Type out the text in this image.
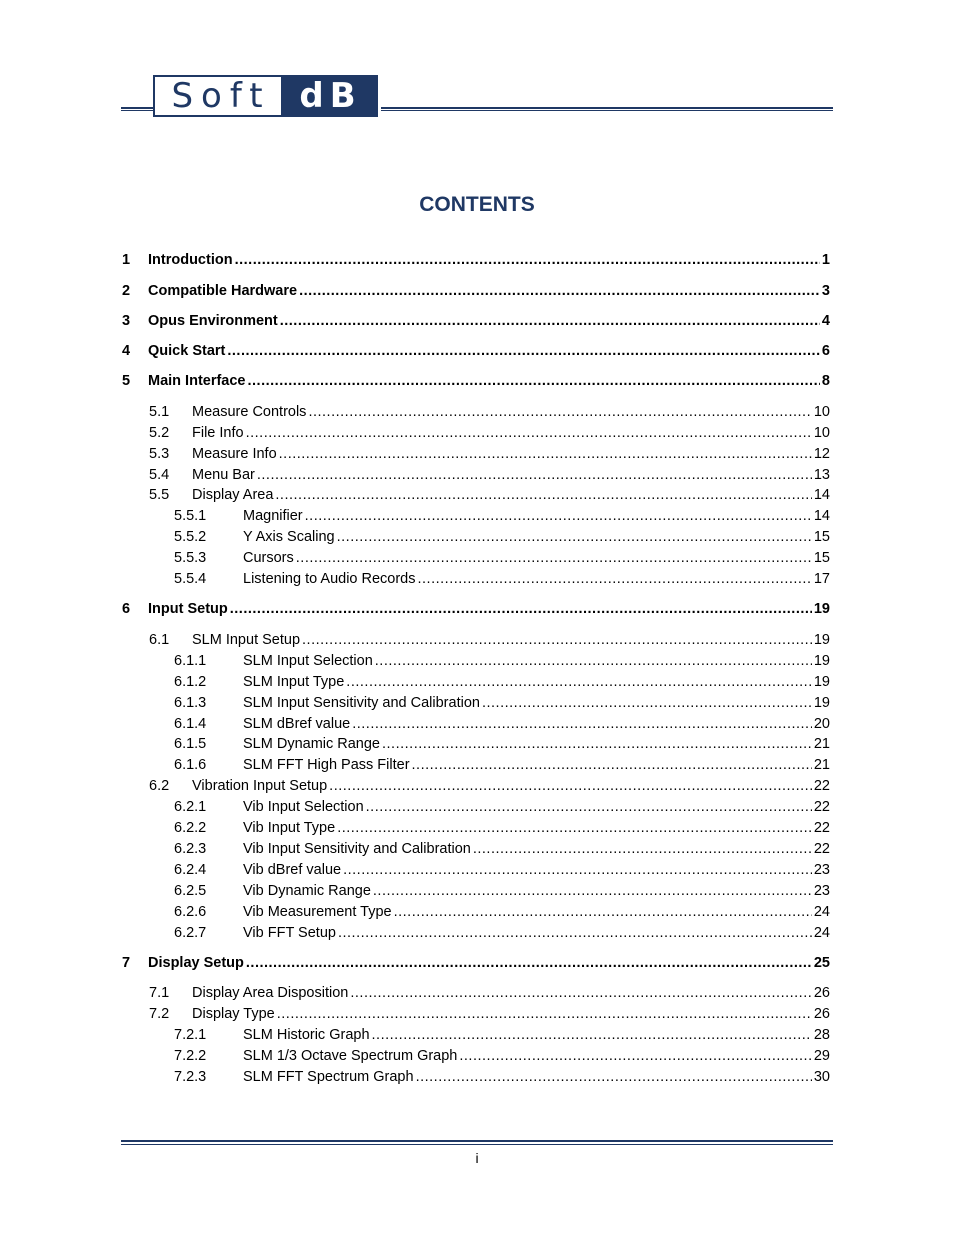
Soft dB
CONTENTS
1	Introduction .....	1
2	Compatible Hardware .....	3
3	Opus Environment .....	4
4	Quick Start .....	6
5	Main Interface .....	8
5.1	Measure Controls .....	10
5.2	File Info .....	10
5.3	Measure Info .....	12
5.4	Menu Bar .....	13
5.5	Display Area .....	14
5.5.1	Magnifier .....	14
5.5.2	Y Axis Scaling .....	15
5.5.3	Cursors .....	15
5.5.4	Listening to Audio Records .....	17
6	Input Setup .....	19
6.1	SLM Input Setup .....	19
6.1.1	SLM Input Selection .....	19
6.1.2	SLM Input Type .....	19
6.1.3	SLM Input Sensitivity and Calibration .....	19
6.1.4	SLM dBref value .....	20
6.1.5	SLM Dynamic Range .....	21
6.1.6	SLM FFT High Pass Filter .....	21
6.2	Vibration Input Setup .....	22
6.2.1	Vib Input Selection .....	22
6.2.2	Vib Input Type .....	22
6.2.3	Vib Input Sensitivity and Calibration .....	22
6.2.4	Vib dBref value .....	23
6.2.5	Vib Dynamic Range .....	23
6.2.6	Vib Measurement Type .....	24
6.2.7	Vib FFT Setup .....	24
7	Display Setup .....	25
7.1	Display Area Disposition .....	26
7.2	Display Type .....	26
7.2.1	SLM Historic Graph .....	28
7.2.2	SLM 1/3 Octave Spectrum Graph .....	29
7.2.3	SLM FFT Spectrum Graph .....	30
i
